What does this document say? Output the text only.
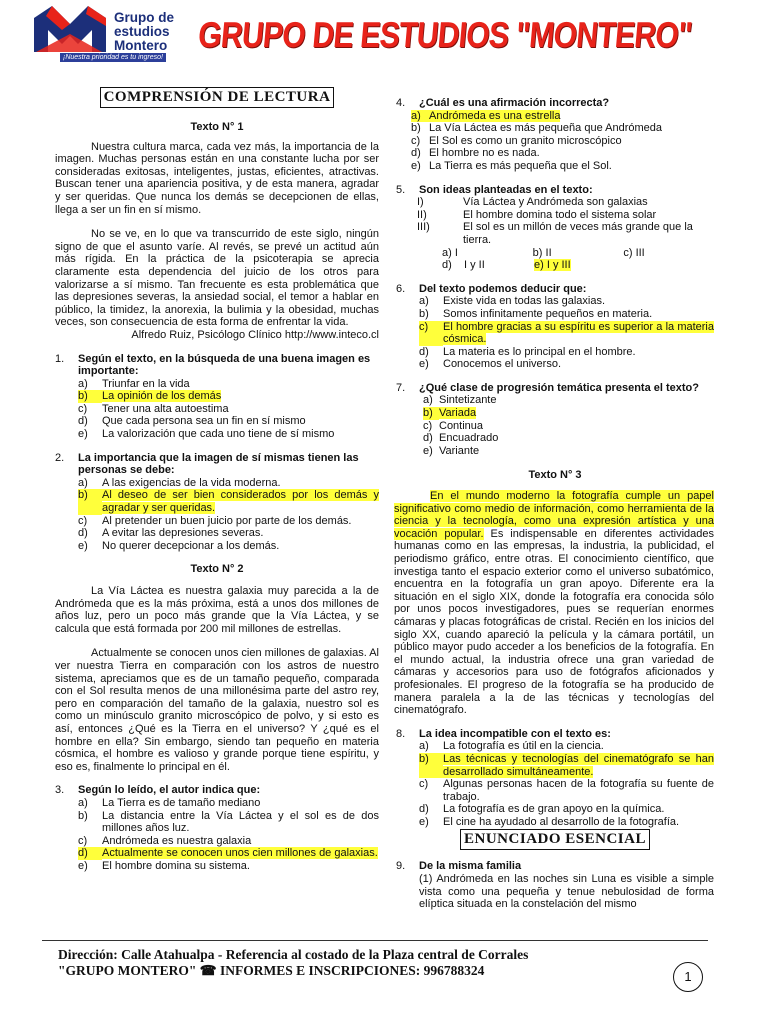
Grupo de
estudios
Montero
¡Nuestra prioridad es tu ingreso!
GRUPO DE ESTUDIOS "MONTERO"
COMPRENSIÓN DE LECTURA
Texto N° 1
Nuestra cultura marca, cada vez más, la importancia de la imagen. Muchas personas están en una constante lucha por ser consideradas exitosas, inteligentes, justas, eficientes, atractivas. Buscan tener una apariencia positiva, y de esta manera, agradar y ser queridas. Que nunca los demás se decepcionen de ellas, llega a ser un fin en sí mismo.
No se ve, en lo que va transcurrido de este siglo, ningún signo de que el asunto varíe. Al revés, se prevé un actitud aún más rígida. En la práctica de la psicoterapia se aprecia claramente esta dependencia del juicio de los otros para valorizarse a sí mismo. Tan frecuente es esta problemática que las depresiones severas, la ansiedad social, el temor a hablar en público, la timidez, la anorexia, la bulimia y la obesidad, muchas veces, son consecuencia de esta forma de enfrentar la vida.
Alfredo Ruiz, Psicólogo Clínico http://www.inteco.cl
1.	Según el texto, en la búsqueda de una buena imagen es importante:
a)	Triunfar en la vida
b)	La opinión de los demás
c)	Tener una alta autoestima
d)	Que cada persona sea un fin en sí mismo
e)	La valorización que cada uno tiene de sí mismo
2.	La importancia que la imagen de sí mismas tienen las personas se debe:
a)	A las exigencias de la vida moderna.
b)	Al deseo de ser bien considerados por los demás y agradar y ser queridas.
c)	Al pretender un buen juicio por parte de los demás.
d)	A evitar las depresiones severas.
e)	No querer decepcionar a los demás.
Texto N° 2
La Vía Láctea es nuestra galaxia muy parecida a la de Andrómeda que es la más próxima, está a unos dos millones de años luz, pero un poco más grande que la Vía Láctea, y se calcula que está formada por 200 mil millones de estrellas.
Actualmente se conocen unos cien millones de galaxias. Al ver nuestra Tierra en comparación con los astros de nuestro sistema, apreciamos que es de un tamaño pequeño, comparada con el Sol resulta menos de una millonésima parte del astro rey, pero en comparación del tamaño de la galaxia, nuestro sol es como un minúsculo granito microscópico de polvo, y si esto es así, entonces ¿Qué es la Tierra en el universo? Y ¿qué es el hombre en ella? Sin embargo, siendo tan pequeño en materia cósmica, el hombre es valioso y grande porque tiene espíritu, y eso es, finalmente lo principal en él.
3.	Según lo leído, el autor indica que:
a)	La Tierra es de tamaño mediano
b)	La distancia entre la Vía Láctea y el sol es de dos millones años luz.
c)	Andrómeda es nuestra galaxia
d)	Actualmente se conocen unos cien millones de galaxias.
e)	El hombre domina su sistema.
4.	¿Cuál es una afirmación incorrecta?
a) Andrómeda es una estrella
b) La Vía Láctea es más pequeña que Andrómeda
c) El Sol es como un granito microscópico
d) El hombre no es nada.
e) La Tierra es más pequeña que el Sol.
5.	Son ideas planteadas en el texto:
I)	Vía Láctea y Andrómeda son galaxias
II)	El hombre domina todo el sistema solar
III)	El sol es un millón de veces más grande que la tierra.
a) I	b) II	c) III
d)    I y II	e) I y III
6.	Del texto podemos deducir que:
a)	Existe vida en todas las galaxias.
b)	Somos infinitamente pequeños en materia.
c)	El hombre gracias a su espíritu es superior a la materia cósmica.
d)	La materia es lo principal en el hombre.
e)	Conocemos el universo.
7.	¿Qué clase de progresión temática presenta el texto?
a) Sintetizante
b) Variada
c) Continua
d) Encuadrado
e) Variante
Texto N° 3
En el mundo moderno la fotografía cumple un papel significativo como medio de información, como herramienta de la ciencia y la tecnología, como una expresión artística y una vocación popular. Es indispensable en diferentes actividades humanas como en las empresas, la industria, la publicidad, el periodismo gráfico, entre otras. El conocimiento científico, que investiga tanto el espacio exterior como el universo subatómico, encuentra en la fotografía un gran apoyo. Diferente era la situación en el siglo XIX, donde la fotografía era conocida sólo por unos pocos investigadores, pues se requerían enormes cámaras y placas fotográficas de cristal. Recién en los inicios del siglo XX, cuando apareció la película y la cámara portátil, un público mayor pudo acceder a los beneficios de la fotografía. En el mundo actual, la industria ofrece una gran variedad de cámaras y accesorios para uso de fotógrafos aficionados y profesionales. El progreso de la fotografía se ha producido de manera paralela a la de las técnicas y tecnologías del cinematógrafo.
8.	La idea incompatible con el texto es:
a)	La fotografía es útil en la ciencia.
b)	Las técnicas y tecnologías del cinematógrafo se han desarrollado simultáneamente.
c)	Algunas personas hacen de la fotografía su fuente de trabajo.
d)	La fotografía es de gran apoyo en la química.
e)	El cine ha ayudado al desarrollo de la fotografía.
ENUNCIADO ESENCIAL
9.	De la misma familia
(1) Andrómeda en las noches sin Luna es visible a simple vista como una pequeña y tenue nebulosidad de forma elíptica situada en la constelación del mismo
Dirección: Calle Atahualpa - Referencia al costado de la Plaza central de Corrales
"GRUPO MONTERO" ☎ INFORMES E INSCRIPCIONES: 996788324	1
